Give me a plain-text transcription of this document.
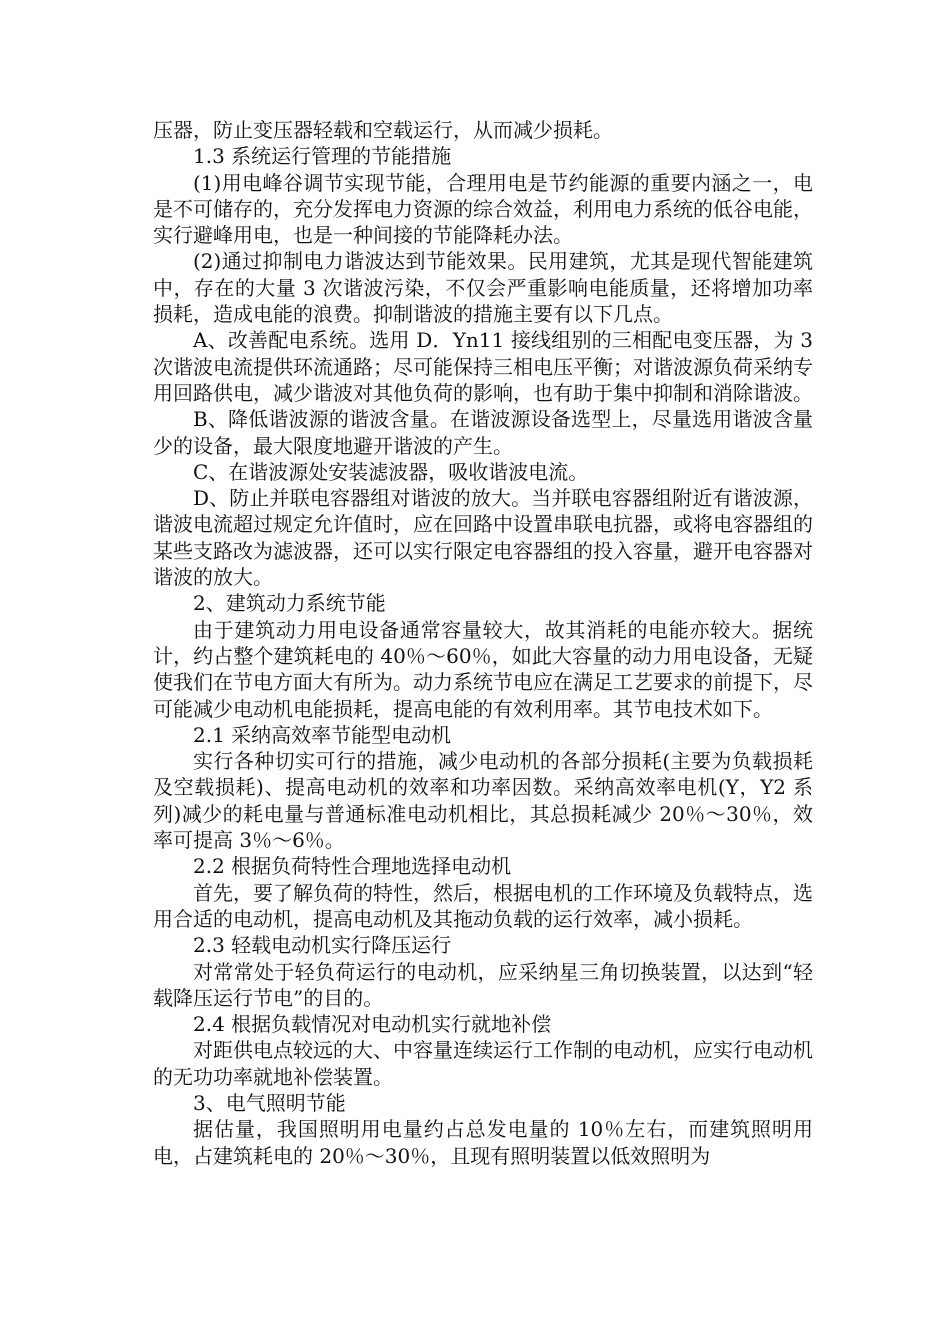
压器，防止变压器轻载和空载运行，从而减少损耗。

1.3 系统运行管理的节能措施

(1)用电峰谷调节实现节能，合理用电是节约能源的重要内涵之一，电是不可储存的，充分发挥电力资源的综合效益，利用电力系统的低谷电能，实行避峰用电，也是一种间接的节能降耗办法。

(2)通过抑制电力谐波达到节能效果。民用建筑，尤其是现代智能建筑中，存在的大量 3 次谐波污染，不仅会严重影响电能质量，还将增加功率损耗，造成电能的浪费。抑制谐波的措施主要有以下几点。

A、改善配电系统。选用 D．Yn11 接线组别的三相配电变压器，为 3 次谐波电流提供环流通路；尽可能保持三相电压平衡；对谐波源负荷采纳专用回路供电，减少谐波对其他负荷的影响，也有助于集中抑制和消除谐波。

B、降低谐波源的谐波含量。在谐波源设备选型上，尽量选用谐波含量少的设备，最大限度地避开谐波的产生。

C、在谐波源处安装滤波器，吸收谐波电流。

D、防止并联电容器组对谐波的放大。当并联电容器组附近有谐波源，谐波电流超过规定允许值时，应在回路中设置串联电抗器，或将电容器组的某些支路改为滤波器，还可以实行限定电容器组的投入容量，避开电容器对谐波的放大。

2、建筑动力系统节能

由于建筑动力用电设备通常容量较大，故其消耗的电能亦较大。据统计，约占整个建筑耗电的 40％～60％，如此大容量的动力用电设备，无疑使我们在节电方面大有所为。动力系统节电应在满足工艺要求的前提下，尽可能减少电动机电能损耗，提高电能的有效利用率。其节电技术如下。

2.1 采纳高效率节能型电动机

实行各种切实可行的措施，减少电动机的各部分损耗(主要为负载损耗及空载损耗)、提高电动机的效率和功率因数。采纳高效率电机(Y，Y2 系列)减少的耗电量与普通标准电动机相比，其总损耗减少 20％～30％，效率可提高 3％～6％。

2.2 根据负荷特性合理地选择电动机

首先，要了解负荷的特性，然后，根据电机的工作环境及负载特点，选用合适的电动机，提高电动机及其拖动负载的运行效率，减小损耗。

2.3 轻载电动机实行降压运行

对常常处于轻负荷运行的电动机，应采纳星三角切换装置，以达到“轻载降压运行节电”的目的。

2.4 根据负载情况对电动机实行就地补偿

对距供电点较远的大、中容量连续运行工作制的电动机，应实行电动机的无功功率就地补偿装置。

3、电气照明节能

据估量，我国照明用电量约占总发电量的 10％左右，而建筑照明用电，占建筑耗电的 20％～30％，且现有照明装置以低效照明为
